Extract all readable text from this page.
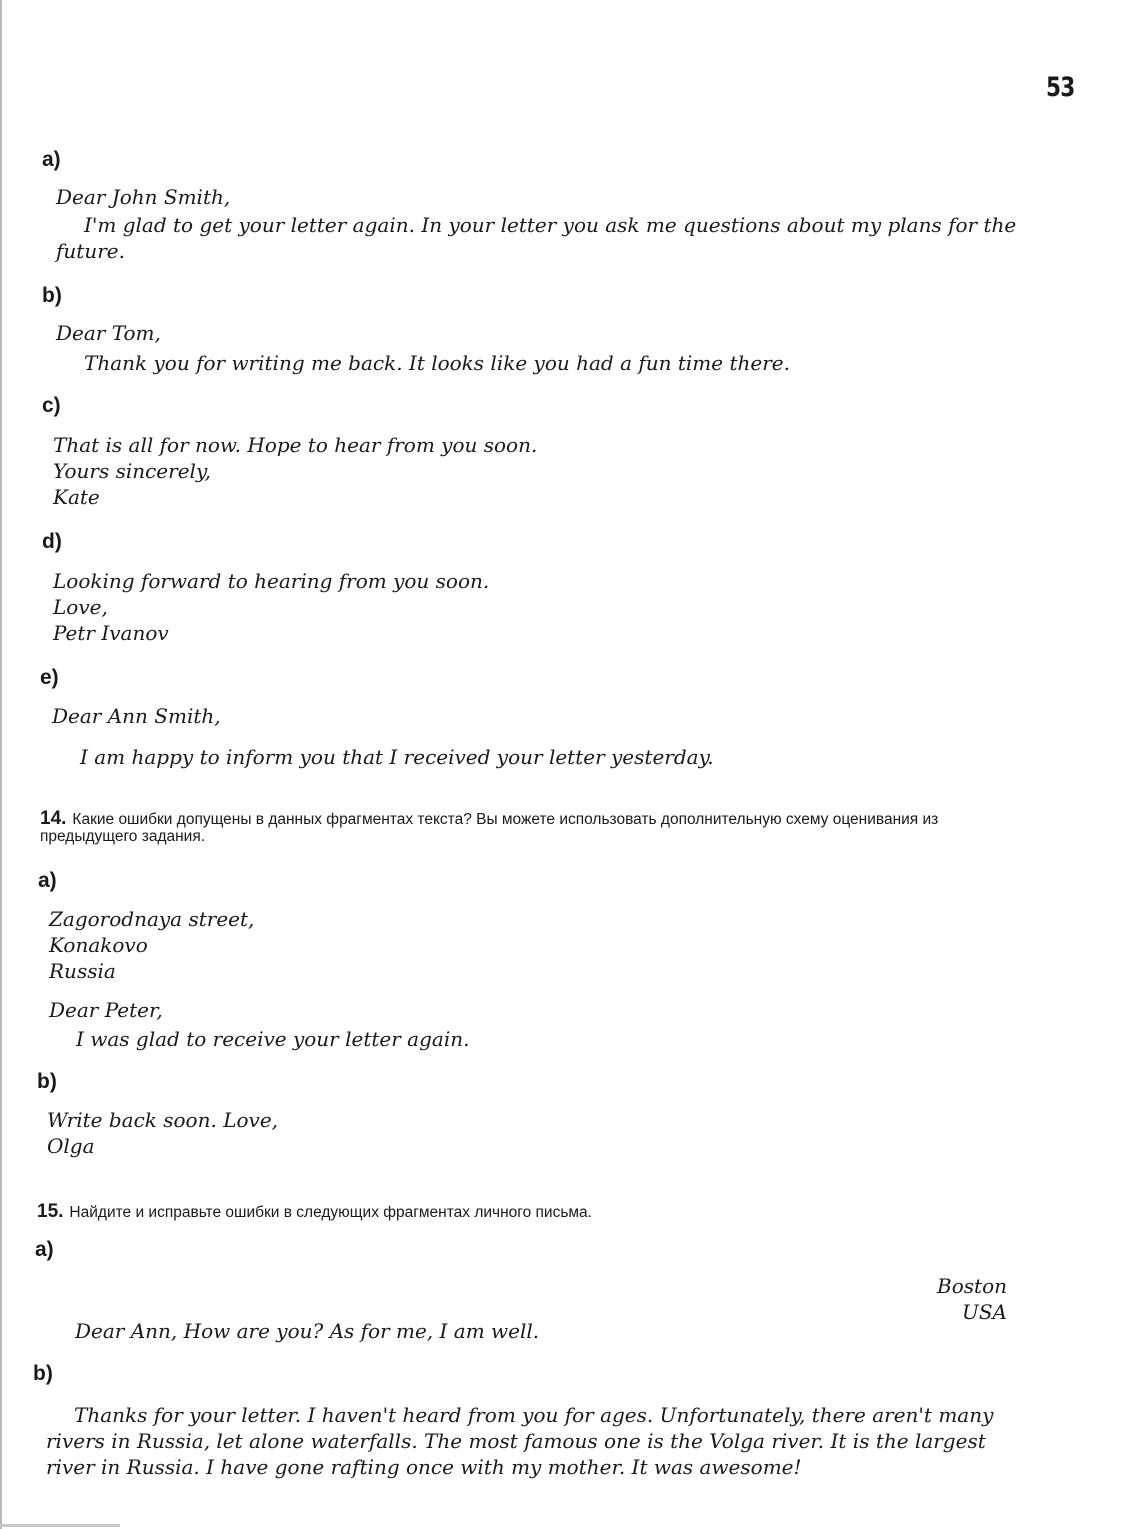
53
a)
Dear John Smith,
I'm glad to get your letter again. In your letter you ask me questions about my plans for the future.
b)
Dear Tom,
Thank you for writing me back. It looks like you had a fun time there.
c)
That is all for now. Hope to hear from you soon.
Yours sincerely,
Kate
d)
Looking forward to hearing from you soon.
Love,
Petr Ivanov
e)
Dear Ann Smith,
I am happy to inform you that I received your letter yesterday.
14. Какие ошибки допущены в данных фрагментах текста? Вы можете использовать дополнительную схему оценивания из предыдущего задания.
a)
Zagorodnaya street,
Konakovo
Russia
Dear Peter,
I was glad to receive your letter again.
b)
Write back soon. Love,
Olga
15. Найдите и исправьте ошибки в следующих фрагментах личного письма.
a)
Boston
USA
Dear Ann, How are you? As for me, I am well.
b)
Thanks for your letter. I haven't heard from you for ages. Unfortunately, there aren't many rivers in Russia, let alone waterfalls. The most famous one is the Volga river. It is the largest river in Russia. I have gone rafting once with my mother. It was awesome!
